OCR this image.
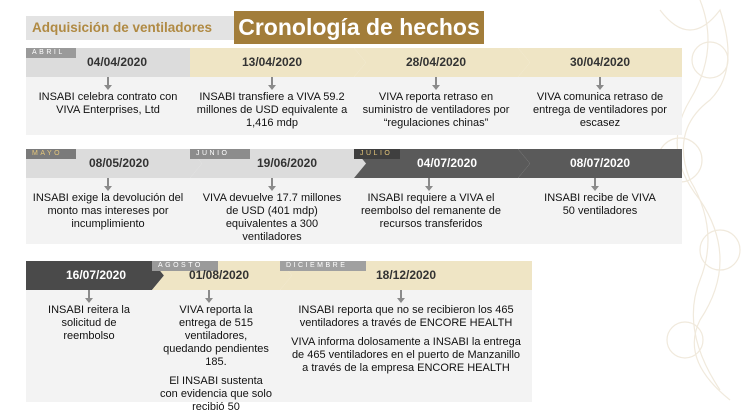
Adquisición de ventiladores	Cronología de hechos
ABRIL
04/04/2020

INSABI celebra contrato con VIVA Enterprises, Ltd

13/04/2020

INSABI transfiere a VIVA 59.2 millones de USD equivalente a 1,416 mdp

28/04/2020

VIVA reporta retraso en suministro de ventiladores por “regulaciones chinas”

30/04/2020

VIVA comunica retraso de entrega de ventiladores por escasez

MAYO
08/05/2020

INSABI exige la devolución del monto mas intereses por incumplimiento

JUNIO
19/06/2020

VIVA devuelve 17.7 millones de USD (401 mdp) equivalentes a 300 ventiladores

JULIO
04/07/2020

INSABI requiere a VIVA el reembolso del remanente de recursos transferidos

08/07/2020

INSABI recibe de VIVA 50 ventiladores

16/07/2020

INSABI reitera la solicitud de reembolso

AGOSTO
01/08/2020

VIVA reporta la entrega de 515 ventiladores, quedando pendientes 185.

El INSABI sustenta con evidencia que solo recibió 50

DICIEMBRE
18/12/2020

INSABI reporta que no se recibieron los 465 ventiladores a través de ENCORE HEALTH

VIVA informa dolosamente a INSABI la entrega de 465 ventiladores en el puerto de Manzanillo a través de la empresa ENCORE HEALTH
